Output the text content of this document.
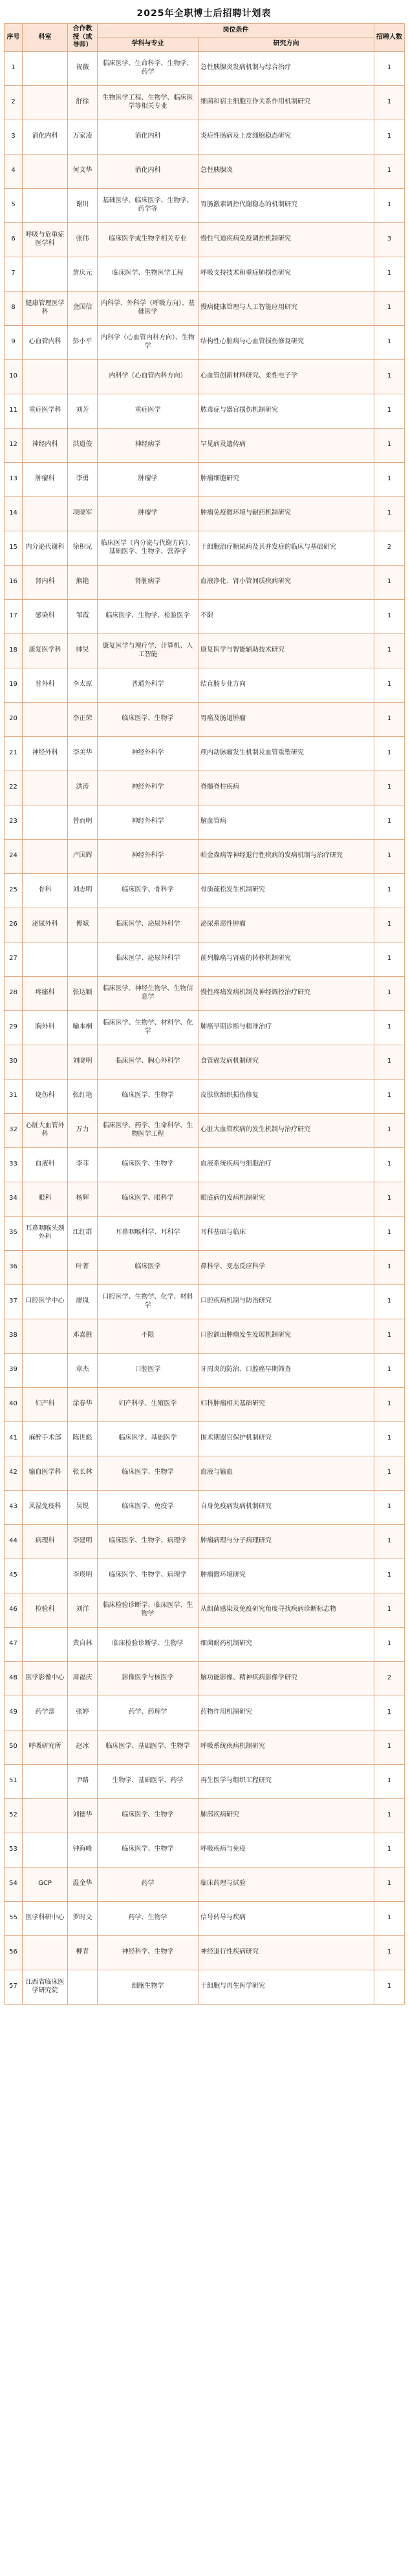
2025年全职博士后招聘计划表
序号	科室	合作教授（或导师）	岗位条件		招聘人数
			学科与专业	研究方向	
1		祝薇	临床医学、生命科学、生物学、药学	急性胰腺炎发病机制与综合治疗	1
2		舒徐	生物医学工程、生物学、临床医学等相关专业	细菌和宿主细胞互作关系作用机制研究	1
3	消化内科	万家凌	消化内科	炎症性肠病及上皮细胞稳态研究	1
4		何文华	消化内科	急性胰腺炎	1
5		谢川	基础医学、临床医学、生物学、药学等	胃肠激素调控代谢稳态的机制研究	1
6	呼吸与危重症医学科	张伟	临床医学或生物学相关专业	慢性气道疾病免疫调控机制研究	3
7		詹庆元	临床医学、生物医学工程	呼吸支持技术和重症肺损伤研究	1
8	健康管理医学科	金国信	内科学、外科学（呼吸方向）、基础医学	慢病健康管理与人工智能应用研究	1
9	心血管内科	彭小平	内科学（心血管内科方向）、生物学	结构性心脏病与心血管损伤修复研究	1
10			内科学（心血管内科方向）	心血管创新材料研究、柔性电子学	1
11	重症医学科	刘芳	重症医学	脓毒症与器官损伤机制研究	1
12	神经内科	洪道俊	神经病学	罕见病及遗传病	1
13	肿瘤科	李勇	肿瘤学	肿瘤细胞研究	1
14		项晓军	肿瘤学	肿瘤免疫微环境与耐药机制研究	1
15	内分泌代谢科	徐积兄	临床医学（内分泌与代谢方向）、基础医学、生物学、营养学	干细胞治疗糖尿病及其并发症的临床与基础研究	2
16	肾内科	熊艳	肾脏病学	血液净化、肾小管间质疾病研究	1
17	感染科	邹霞	临床医学、生物学、检验医学	不限	1
18	康复医学科	帅昊	康复医学与理疗学、计算机、人工智能	康复医学与智能辅助技术研究	1
19	普外科	李太原	普通外科学	结直肠专业方向	1
20		李正荣	临床医学、生物学	胃癌及肠道肿瘤	1
21	神经外科	李美华	神经外科学	颅内动脉瘤发生机制及血管重塑研究	1
22		洪涛	神经外科学	脊髓脊柱疾病	1
23		曾而明	神经外科学	脑血管病	1
24		卢国辉	神经外科学	帕金森病等神经退行性疾病的发病机制与治疗研究	1
25	骨科	刘志明	临床医学、骨科学	骨质疏松发生机制研究	1
26	泌尿外科	傅斌	临床医学、泌尿外科学	泌尿系恶性肿瘤	1
27			临床医学、泌尿外科学	前列腺癌与肾癌的转移机制研究	1
28	疼痛科	张达颖	临床医学、神经生物学、生物信息学	慢性疼痛发病机制及神经调控治疗研究	1
29	胸外科	喻本桐	临床医学、生物学、材料学、化学	肺癌早期诊断与精准治疗	1
30		刘晓明	临床医学、胸心外科学	食管癌发病机制研究	1
31	烧伤科	张红艳	临床医学、生物学	皮肤软组织损伤修复	1
32	心脏大血管外科	万力	临床医学、药学、生命科学、生物医学工程	心脏大血管疾病的发生机制与治疗研究	1
33	血液科	李菲	临床医学、生物学	血液系统疾病与细胞治疗	1
34	眼科	杨辉	临床医学、眼科学	眼底病的发病机制研究	1
35	耳鼻咽喉头颈外科	江红群	耳鼻咽喉科学、耳科学	耳科基础与临床	1
36		叶菁	临床医学	鼻科学、变态反应科学	1
37	口腔医学中心	廖岚	口腔医学、生物学、化学、材料学	口腔疾病机制与防治研究	1
38		邓嘉胜	不限	口腔颌面肿瘤发生发展机制研究	1
39		章杰	口腔医学	牙周炎的防治、口腔癌早期筛查	1
40	妇产科	涂春华	妇产科学、生殖医学	妇科肿瘤相关基础研究	1
41	麻醉手术部	陈世彪	临床医学、基础医学	围术期器官保护机制研究	1
42	输血医学科	张长林	临床医学、生物学	血液与输血	1
43	风湿免疫科	吴锐	临床医学、免疫学	自身免疫病发病机制研究	1
44	病理科	李建明	临床医学、生物学、病理学	肿瘤病理与分子病理研究	1
45		李瑛明	临床医学、生物学、病理学	肿瘤微环境研究	1
46	检验科	刘洋	临床检验诊断学、临床医学、生物学	从细菌感染及免疫研究角度寻找疾病诊断标志物	1
47		黄自林	临床检验诊断学、生物学	细菌耐药机制研究	1
48	医学影像中心	周福庆	影像医学与核医学	脑功能影像、精神疾病影像学研究	2
49	药学部	张婷	药学、药理学	药物作用机制研究	1
50	呼吸研究所	赵冰	临床医学、基础医学、生物学	呼吸系统疾病机制研究	1
51		尹路	生物学、基础医学、药学	再生医学与组织工程研究	1
52		刘德华	临床医学、生物学	肺部疾病研究	1
53		钟海峰	临床医学、生物学	呼吸疾病与免疫	1
54	GCP	温金华	药学	临床药理与试验	1
55	医学科研中心	罗时文	药学、生物学	信号转导与疾病	1
56		柳青	神经科学、生物学	神经退行性疾病研究	1
57	江西省临床医学研究院		细胞生物学	干细胞与再生医学研究	1
